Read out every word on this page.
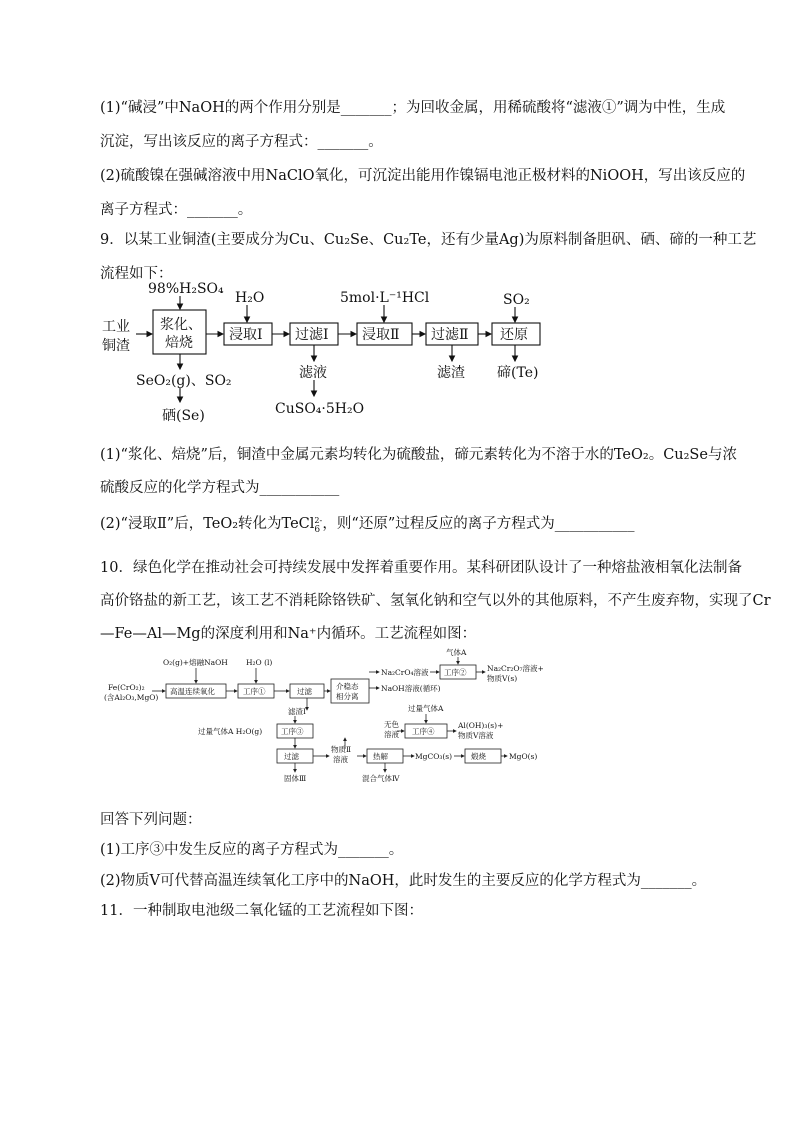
(1)“碱浸”中NaOH的两个作用分别是_______；为回收金属，用稀硫酸将“滤液①”调为中性，生成
沉淀，写出该反应的离子方程式：_______。
(2)硫酸镍在强碱溶液中用NaClO氧化，可沉淀出能用作镍镉电池正极材料的NiOOH，写出该反应的
离子方程式：_______。
9．以某工业铜渣(主要成分为Cu、Cu₂Se、Cu₂Te，还有少量Ag)为原料制备胆矾、硒、碲的一种工艺
流程如下：
98%H₂SO₄
H₂O	5mol·L⁻¹HCl	SO₂
工业
铜渣
浆化、
焙烧	浸取I 过滤I 浸取Ⅱ 过滤Ⅱ 还原
SeO₂(g)、SO₂
硒(Se)
滤液
CuSO₄·5H₂O
滤渣 碲(Te)
(1)“浆化、焙烧”后，铜渣中金属元素均转化为硫酸盐，碲元素转化为不溶于水的TeO₂。Cu₂Se与浓
硫酸反应的化学方程式为___________
(2)“浸取Ⅱ”后，TeO₂转化为TeCl 2-
6 ，则“还原”过程反应的离子方程式为___________
10．绿色化学在推动社会可持续发展中发挥着重要作用。某科研团队设计了一种熔盐液相氧化法制备
高价铬盐的新工艺，该工艺不消耗除铬铁矿、氢氧化钠和空气以外的其他原料，不产生废弃物，实现了Cr
—Fe—Al—Mg的深度利用和Na⁺内循环。工艺流程如图：
Fe(CrO₂)₂
(含Al₂O₃,MgO)
O₂(g)+熔融NaOH H₂O (l)
高温连续氧化	工序①	过滤
介稳态
相分离
Na₂CrO₄溶液
NaOH溶液(循环)
工序②
气体A
Na₂Cr₂O₇溶液+
物质V(s)
滤渣I
过量气体A H₂O(g)	工序③
过滤
物质Ⅱ
溶液	热解	MgCO₃(s)	煅烧	MgO(s)
固体Ⅲ	混合气体Ⅳ
过量气体A
无色
溶液 工序④
Al(OH)₃(s)+
物质V溶液
回答下列问题：
(1)工序③中发生反应的离子方程式为_______。
(2)物质V可代替高温连续氧化工序中的NaOH，此时发生的主要反应的化学方程式为_______。
11．一种制取电池级二氧化锰的工艺流程如下图：
